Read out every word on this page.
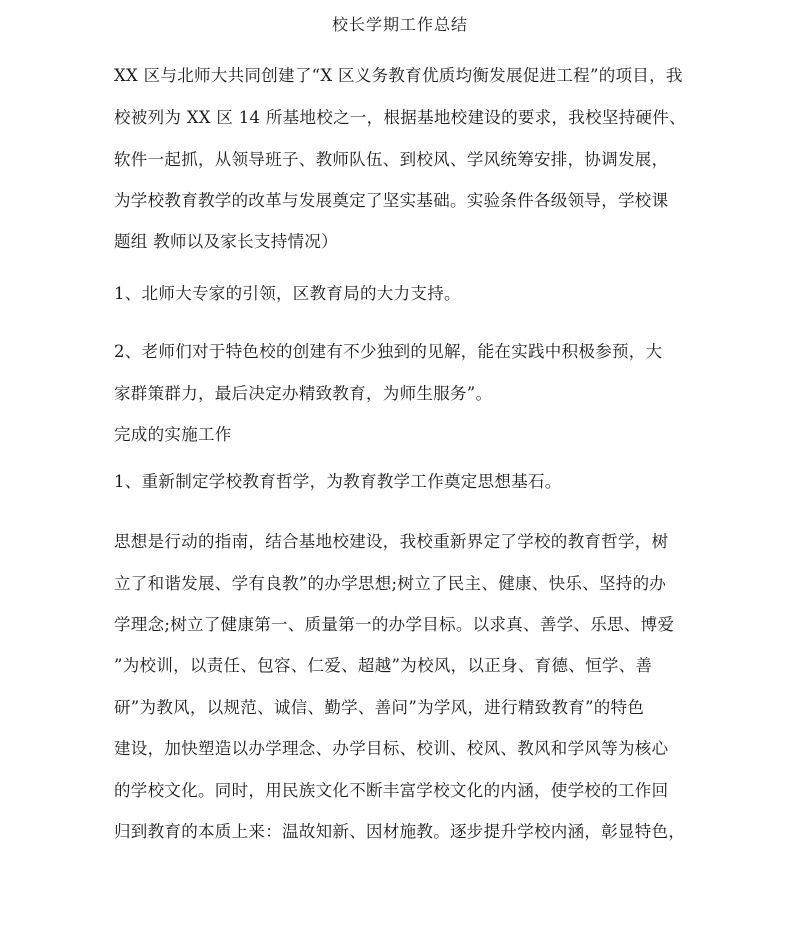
校长学期工作总结
XX 区与北师大共同创建了“X 区义务教育优质均衡发展促进工程”的项目，我
校被列为 XX 区 14 所基地校之一，根据基地校建设的要求，我校坚持硬件、
软件一起抓，从领导班子、教师队伍、到校风、学风统筹安排，协调发展，
为学校教育教学的改革与发展奠定了坚实基础。实验条件各级领导，学校课
题组 教师以及家长支持情况）
1、北师大专家的引领，区教育局的大力支持。
2、老师们对于特色校的创建有不少独到的见解，能在实践中积极参预，大
家群策群力，最后决定办精致教育，为师生服务”。
完成的实施工作
1、重新制定学校教育哲学，为教育教学工作奠定思想基石。
思想是行动的指南，结合基地校建设，我校重新界定了学校的教育哲学，树
立了和谐发展、学有良教”的办学思想;树立了民主、健康、快乐、坚持的办
学理念;树立了健康第一、质量第一的办学目标。以求真、善学、乐思、博爱
”为校训，以责任、包容、仁爱、超越”为校风，以正身、育德、恒学、善
研”为教风，以规范、诚信、勤学、善问”为学风，进行精致教育”的特色
建设，加快塑造以办学理念、办学目标、校训、校风、教风和学风等为核心
的学校文化。同时，用民族文化不断丰富学校文化的内涵，使学校的工作回
归到教育的本质上来：温故知新、因材施教。逐步提升学校内涵，彰显特色，
